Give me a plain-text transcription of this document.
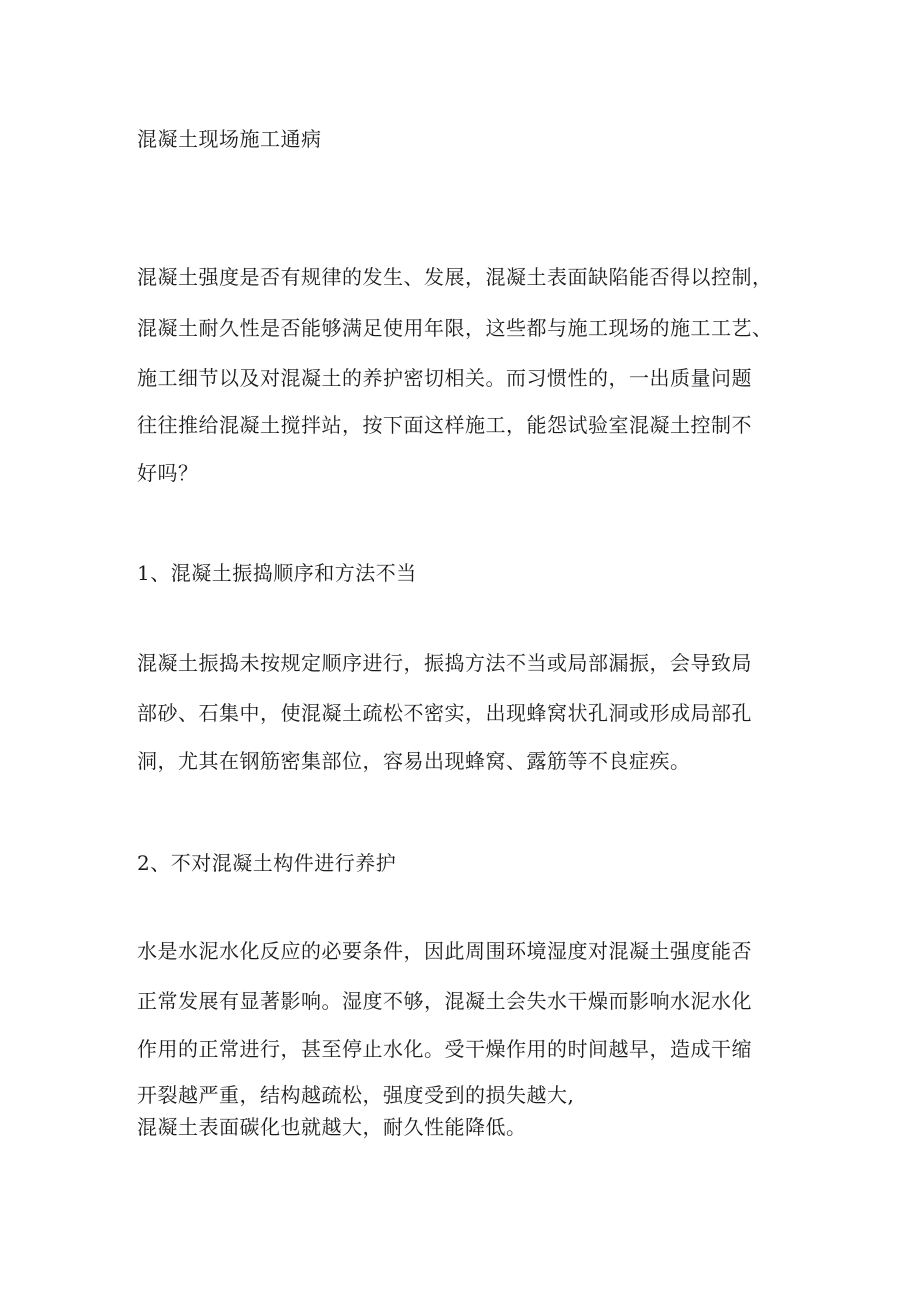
混凝土现场施工通病
混凝土强度是否有规律的发生、发展，混凝土表面缺陷能否得以控制，
混凝土耐久性是否能够满足使用年限，这些都与施工现场的施工工艺、
施工细节以及对混凝土的养护密切相关。而习惯性的，一出质量问题
往往推给混凝土搅拌站，按下面这样施工，能怨试验室混凝土控制不
好吗？
1、混凝土振捣顺序和方法不当
混凝土振捣未按规定顺序进行，振捣方法不当或局部漏振，会导致局
部砂、石集中，使混凝土疏松不密实，出现蜂窝状孔洞或形成局部孔
洞，尤其在钢筋密集部位，容易出现蜂窝、露筋等不良症疾。
2、不对混凝土构件进行养护
水是水泥水化反应的必要条件，因此周围环境湿度对混凝土强度能否
正常发展有显著影响。湿度不够，混凝土会失水干燥而影响水泥水化
作用的正常进行，甚至停止水化。受干燥作用的时间越早，造成干缩
开裂越严重，结构越疏松，强度受到的损失越大,
混凝土表面碳化也就越大，耐久性能降低。
